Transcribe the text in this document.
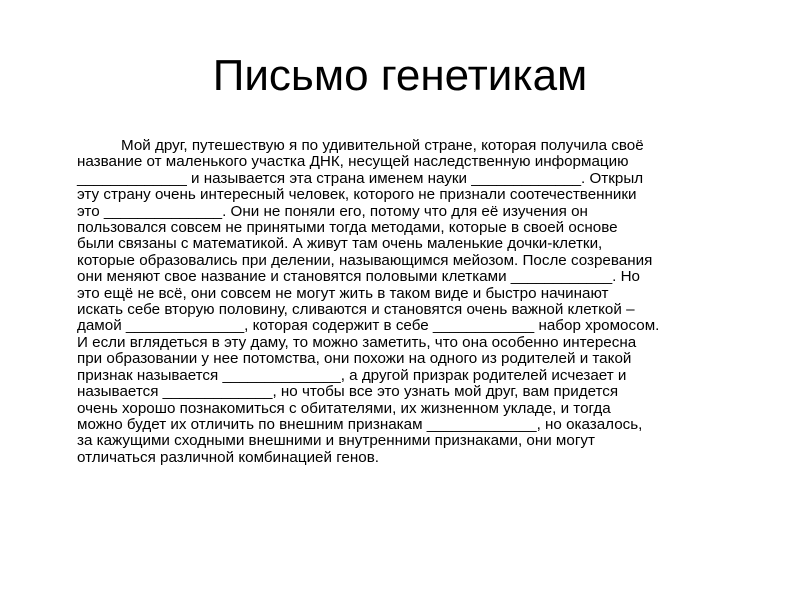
Письмо генетикам
Мой друг, путешествую я по удивительной стране, которая получила своё
название от маленького участка ДНК, несущей наследственную информацию
_____________ и называется эта страна именем науки _____________. Открыл
эту страну очень интересный человек, которого не признали соотечественники
это ______________. Они не поняли его, потому что для её изучения он
пользовался совсем не принятыми тогда методами, которые в своей основе
были связаны с математикой. А живут там очень маленькие дочки-клетки,
которые образовались при делении, называющимся мейозом. После созревания
они меняют свое название и становятся половыми клетками ____________. Но
это ещё не всё, они совсем не могут жить в таком виде и быстро начинают
искать себе вторую половину, сливаются и становятся очень важной клеткой –
дамой ______________, которая содержит в себе ____________ набор хромосом.
И если вглядеться в эту даму, то можно заметить, что она особенно интересна
при образовании у нее потомства, они похожи на одного из родителей и такой
признак называется ______________, а другой призрак родителей исчезает и
называется _____________, но чтобы все это узнать мой друг, вам придется
очень хорошо познакомиться с обитателями, их жизненном укладе, и тогда
можно будет их отличить по внешним признакам _____________, но оказалось,
за кажущими сходными внешними и внутренними признаками, они могут
отличаться различной комбинацией генов.
